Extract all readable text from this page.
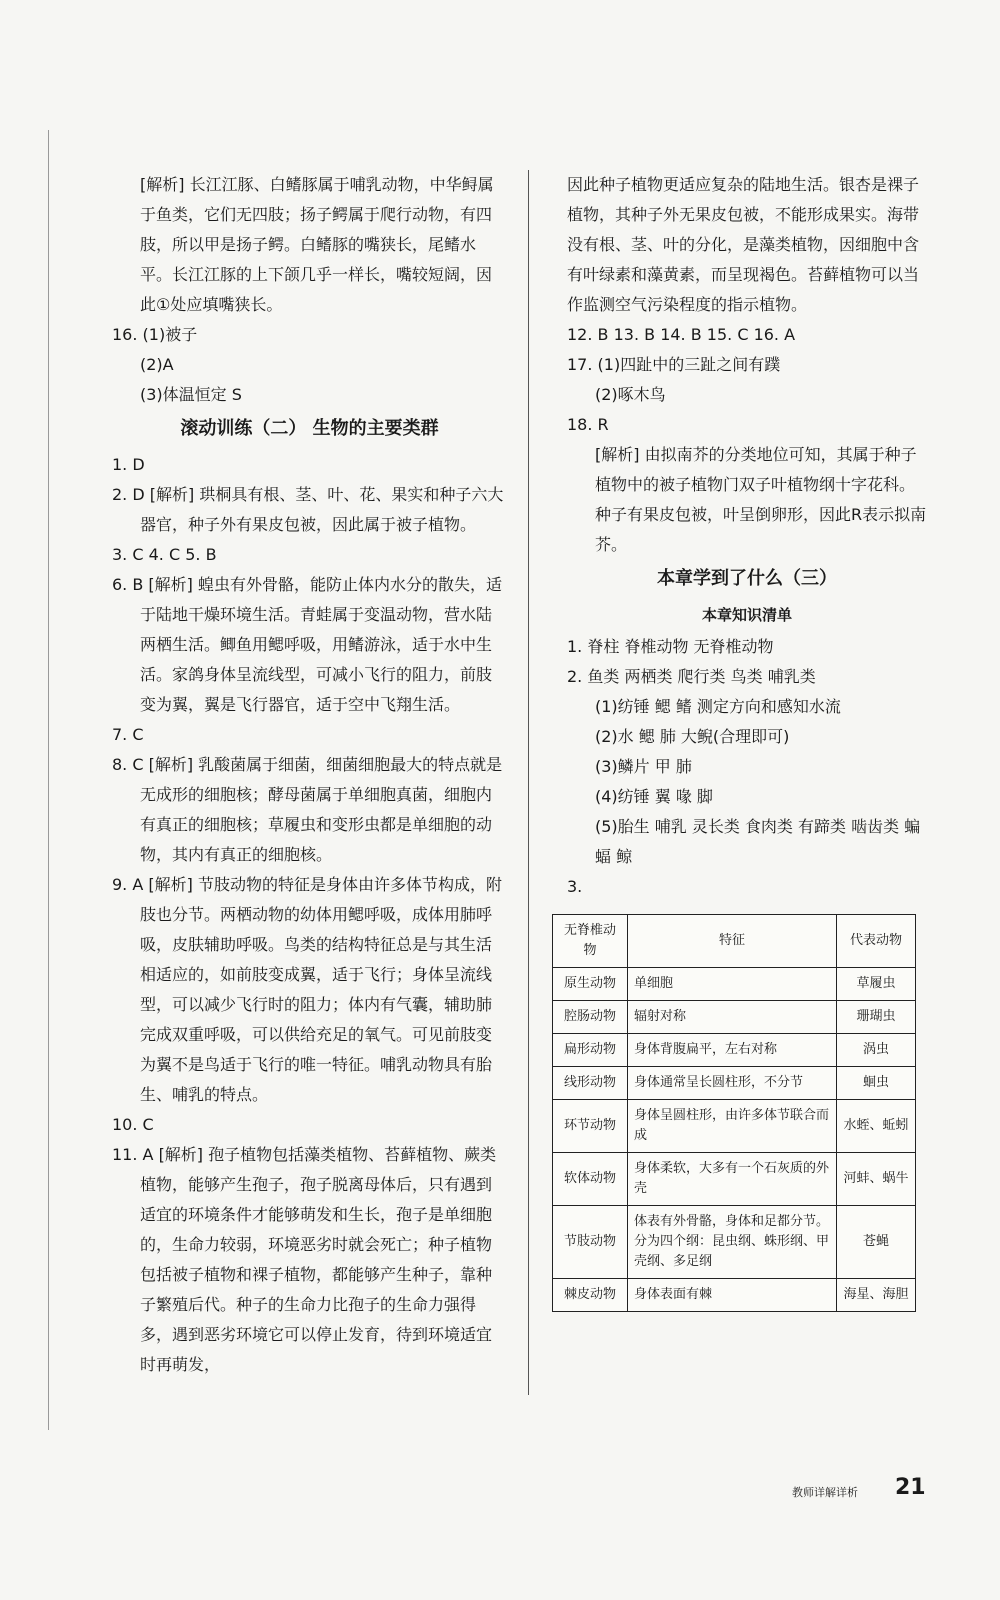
[解析] 长江江豚、白鳍豚属于哺乳动物，中华鲟属于鱼类，它们无四肢；扬子鳄属于爬行动物，有四肢，所以甲是扬子鳄。白鳍豚的嘴狭长，尾鳍水平。长江江豚的上下颌几乎一样长，嘴较短阔，因此①处应填嘴狭长。

16. (1)被子

(2)A

(3)体温恒定 S

滚动训练（二） 生物的主要类群

1. D

2. D [解析] 珙桐具有根、茎、叶、花、果实和种子六大器官，种子外有果皮包被，因此属于被子植物。

3. C 4. C 5. B

6. B [解析] 蝗虫有外骨骼，能防止体内水分的散失，适于陆地干燥环境生活。青蛙属于变温动物，营水陆两栖生活。鲫鱼用鳃呼吸，用鳍游泳，适于水中生活。家鸽身体呈流线型，可减小飞行的阻力，前肢变为翼，翼是飞行器官，适于空中飞翔生活。

7. C

8. C [解析] 乳酸菌属于细菌，细菌细胞最大的特点就是无成形的细胞核；酵母菌属于单细胞真菌，细胞内有真正的细胞核；草履虫和变形虫都是单细胞的动物，其内有真正的细胞核。

9. A [解析] 节肢动物的特征是身体由许多体节构成，附肢也分节。两栖动物的幼体用鳃呼吸，成体用肺呼吸，皮肤辅助呼吸。鸟类的结构特征总是与其生活相适应的，如前肢变成翼，适于飞行；身体呈流线型，可以减少飞行时的阻力；体内有气囊，辅助肺完成双重呼吸，可以供给充足的氧气。可见前肢变为翼不是鸟适于飞行的唯一特征。哺乳动物具有胎生、哺乳的特点。

10. C

11. A [解析] 孢子植物包括藻类植物、苔藓植物、蕨类植物，能够产生孢子，孢子脱离母体后，只有遇到适宜的环境条件才能够萌发和生长，孢子是单细胞的，生命力较弱，环境恶劣时就会死亡；种子植物包括被子植物和裸子植物，都能够产生种子，靠种子繁殖后代。种子的生命力比孢子的生命力强得多，遇到恶劣环境它可以停止发育，待到环境适宜时再萌发，

因此种子植物更适应复杂的陆地生活。银杏是裸子植物，其种子外无果皮包被，不能形成果实。海带没有根、茎、叶的分化，是藻类植物，因细胞中含有叶绿素和藻黄素，而呈现褐色。苔藓植物可以当作监测空气污染程度的指示植物。

12. B 13. B 14. B 15. C 16. A

17. (1)四趾中的三趾之间有蹼

(2)啄木鸟

18. R

[解析] 由拟南芥的分类地位可知，其属于种子植物中的被子植物门双子叶植物纲十字花科。种子有果皮包被，叶呈倒卵形，因此R表示拟南芥。

本章学到了什么（三）

本章知识清单

1. 脊柱 脊椎动物 无脊椎动物

2. 鱼类 两栖类 爬行类 鸟类 哺乳类

(1)纺锤 鳃 鳍 测定方向和感知水流

(2)水 鳃 肺 大鲵(合理即可)

(3)鳞片 甲 肺

(4)纺锤 翼 喙 脚

(5)胎生 哺乳 灵长类 食肉类 有蹄类 啮齿类 蝙蝠 鲸

3.

无脊椎动物	特征	代表动物
原生动物	单细胞	草履虫
腔肠动物	辐射对称	珊瑚虫
扁形动物	身体背腹扁平，左右对称	涡虫
线形动物	身体通常呈长圆柱形，不分节	蛔虫
环节动物	身体呈圆柱形，由许多体节联合而成	水蛭、蚯蚓
软体动物	身体柔软，大多有一个石灰质的外壳	河蚌、蜗牛
节肢动物	体表有外骨骼，身体和足都分节。分为四个纲：昆虫纲、蛛形纲、甲壳纲、多足纲	苍蝇
棘皮动物	身体表面有棘	海星、海胆
教师详解详析 21
